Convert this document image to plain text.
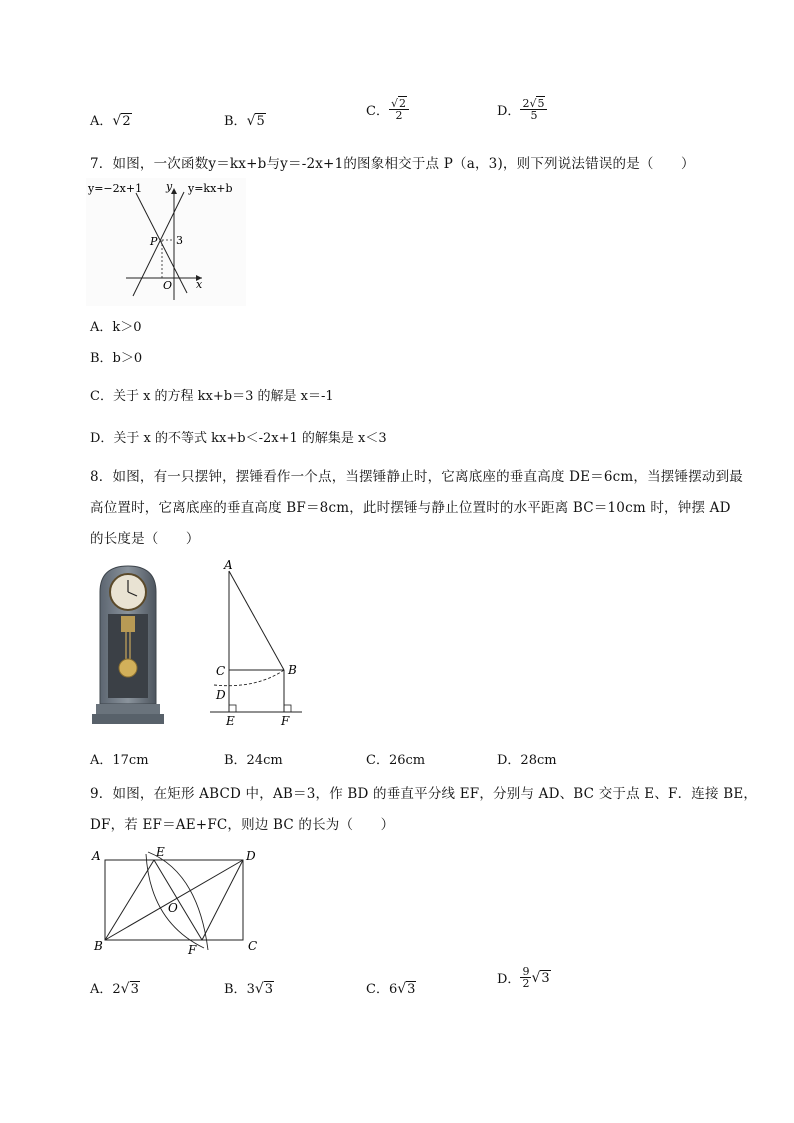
A．√2	B．√5
C． $\frac{√2}{2}$	D． $\frac{2√5}{5}$
7．如图，一次函数y＝kx+b与y＝-2x+1的图象相交于点 P（a，3)，则下列说法错误的是（　　）
y=−2x+1	y=kx+b
y
x
O
P 3
A．k＞0
B．b＞0
C．关于 x 的方程 kx+b＝3 的解是 x＝-1
D．关于 x 的不等式 kx+b＜-2x+1 的解集是 x＜3
8．如图，有一只摆钟，摆锤看作一个点，当摆锤静止时，它离底座的垂直高度 DE＝6cm，当摆锤摆动到最
高位置时，它离底座的垂直高度 BF＝8cm，此时摆锤与静止位置时的水平距离 BC＝10cm 时，钟摆 AD
的长度是（　　）
A
B
C
D
E	F
A．17cm	B．24cm	C．26cm	D．28cm
9．如图，在矩形 ABCD 中，AB＝3，作 BD 的垂直平分线 EF，分别与 AD、BC 交于点 E、F．连接 BE，
DF，若 EF＝AE+FC，则边 BC 的长为（　　）
A	D
B	C
E
F
O
A．2√3	B．3√3	C．6√3
D． $\frac{9}{2} √3$
